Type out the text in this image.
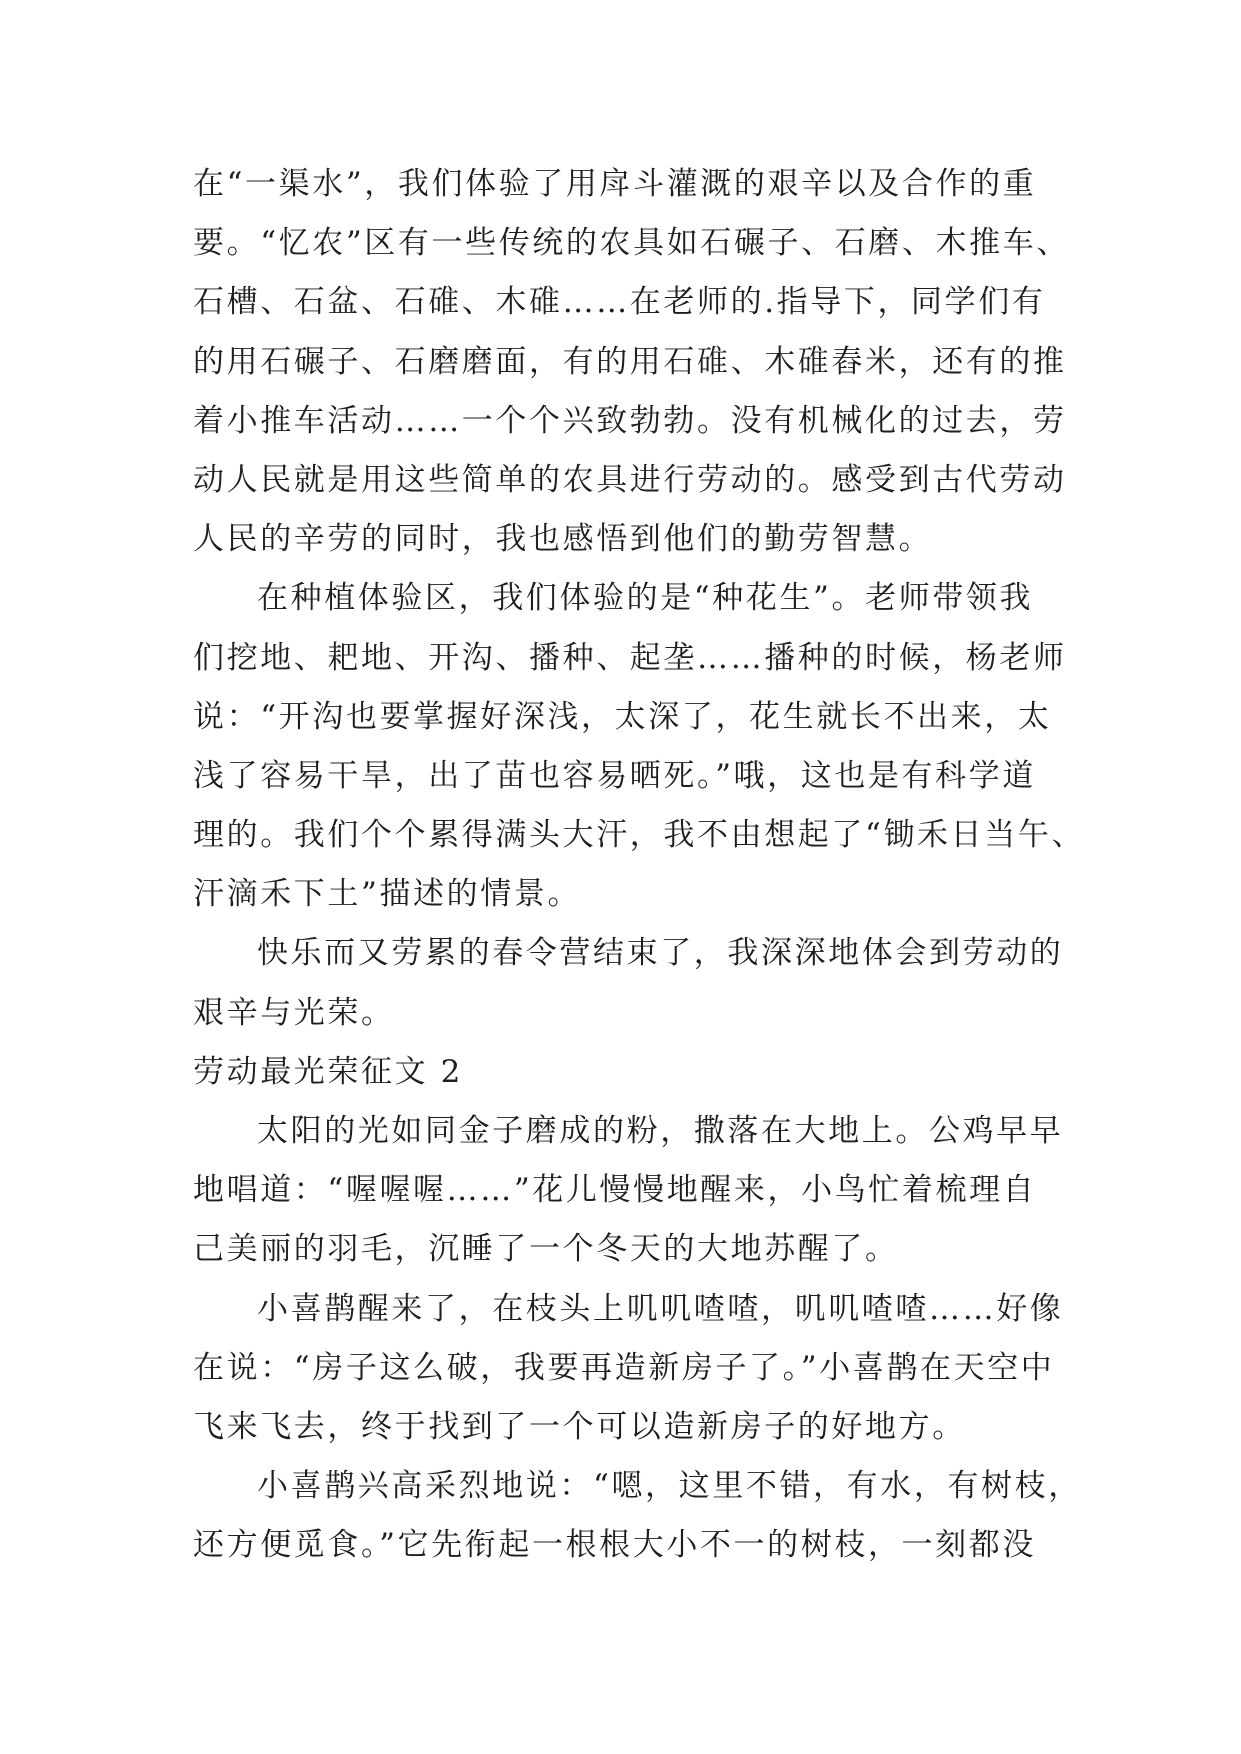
在“一渠水”，我们体验了用戽斗灌溉的艰辛以及合作的重
要。“忆农”区有一些传统的农具如石碾子、石磨、木推车、
石槽、石盆、石碓、木碓……在老师的.指导下，同学们有
的用石碾子、石磨磨面，有的用石碓、木碓舂米，还有的推
着小推车活动……一个个兴致勃勃。没有机械化的过去，劳
动人民就是用这些简单的农具进行劳动的。感受到古代劳动
人民的辛劳的同时，我也感悟到他们的勤劳智慧。
在种植体验区，我们体验的是“种花生”。老师带领我
们挖地、耙地、开沟、播种、起垄……播种的时候，杨老师
说：“开沟也要掌握好深浅，太深了，花生就长不出来，太
浅了容易干旱，出了苗也容易晒死。”哦，这也是有科学道
理的。我们个个累得满头大汗，我不由想起了“锄禾日当午、
汗滴禾下土”描述的情景。
快乐而又劳累的春令营结束了，我深深地体会到劳动的
艰辛与光荣。
劳动最光荣征文 2
太阳的光如同金子磨成的粉，撒落在大地上。公鸡早早
地唱道：“喔喔喔……”花儿慢慢地醒来，小鸟忙着梳理自
己美丽的羽毛，沉睡了一个冬天的大地苏醒了。
小喜鹊醒来了，在枝头上叽叽喳喳，叽叽喳喳……好像
在说：“房子这么破，我要再造新房子了。”小喜鹊在天空中
飞来飞去，终于找到了一个可以造新房子的好地方。
小喜鹊兴高采烈地说：“嗯，这里不错，有水，有树枝，
还方便觅食。”它先衔起一根根大小不一的树枝，一刻都没
